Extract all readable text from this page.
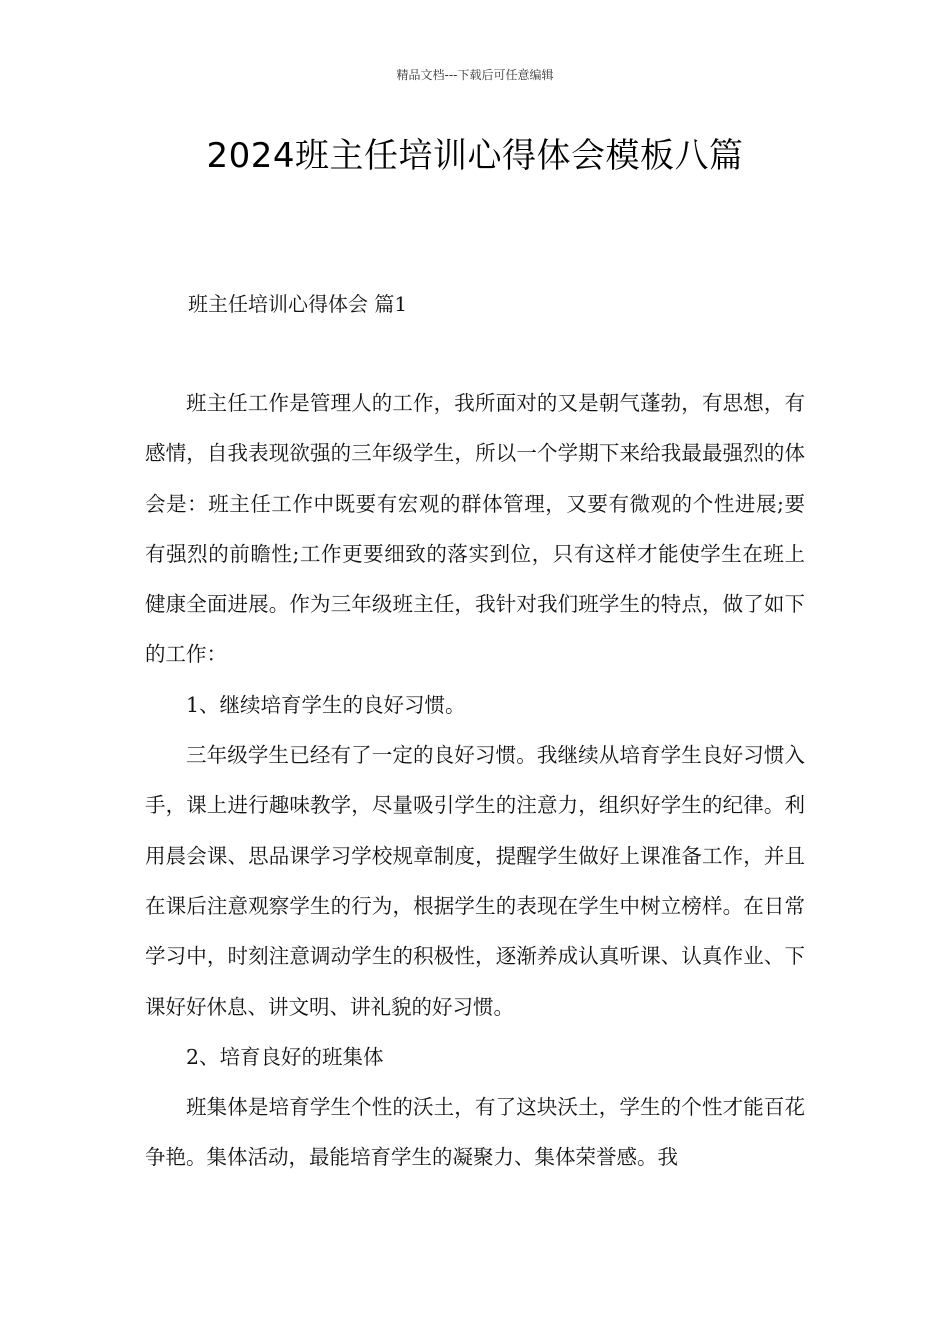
精品文档---下载后可任意编辑
2024班主任培训心得体会模板八篇
班主任培训心得体会 篇1

班主任工作是管理人的工作，我所面对的又是朝气蓬勃，有思想，有感情，自我表现欲强的三年级学生，所以一个学期下来给我最最强烈的体会是：班主任工作中既要有宏观的群体管理，又要有微观的个性进展;要有强烈的前瞻性;工作更要细致的落实到位，只有这样才能使学生在班上健康全面进展。作为三年级班主任，我针对我们班学生的特点，做了如下的工作：

1、继续培育学生的良好习惯。

三年级学生已经有了一定的良好习惯。我继续从培育学生良好习惯入手，课上进行趣味教学，尽量吸引学生的注意力，组织好学生的纪律。利用晨会课、思品课学习学校规章制度，提醒学生做好上课准备工作，并且在课后注意观察学生的行为，根据学生的表现在学生中树立榜样。在日常学习中，时刻注意调动学生的积极性，逐渐养成认真听课、认真作业、下课好好休息、讲文明、讲礼貌的好习惯。

2、培育良好的班集体

班集体是培育学生个性的沃土，有了这块沃土，学生的个性才能百花争艳。集体活动，最能培育学生的凝聚力、集体荣誉感。我
